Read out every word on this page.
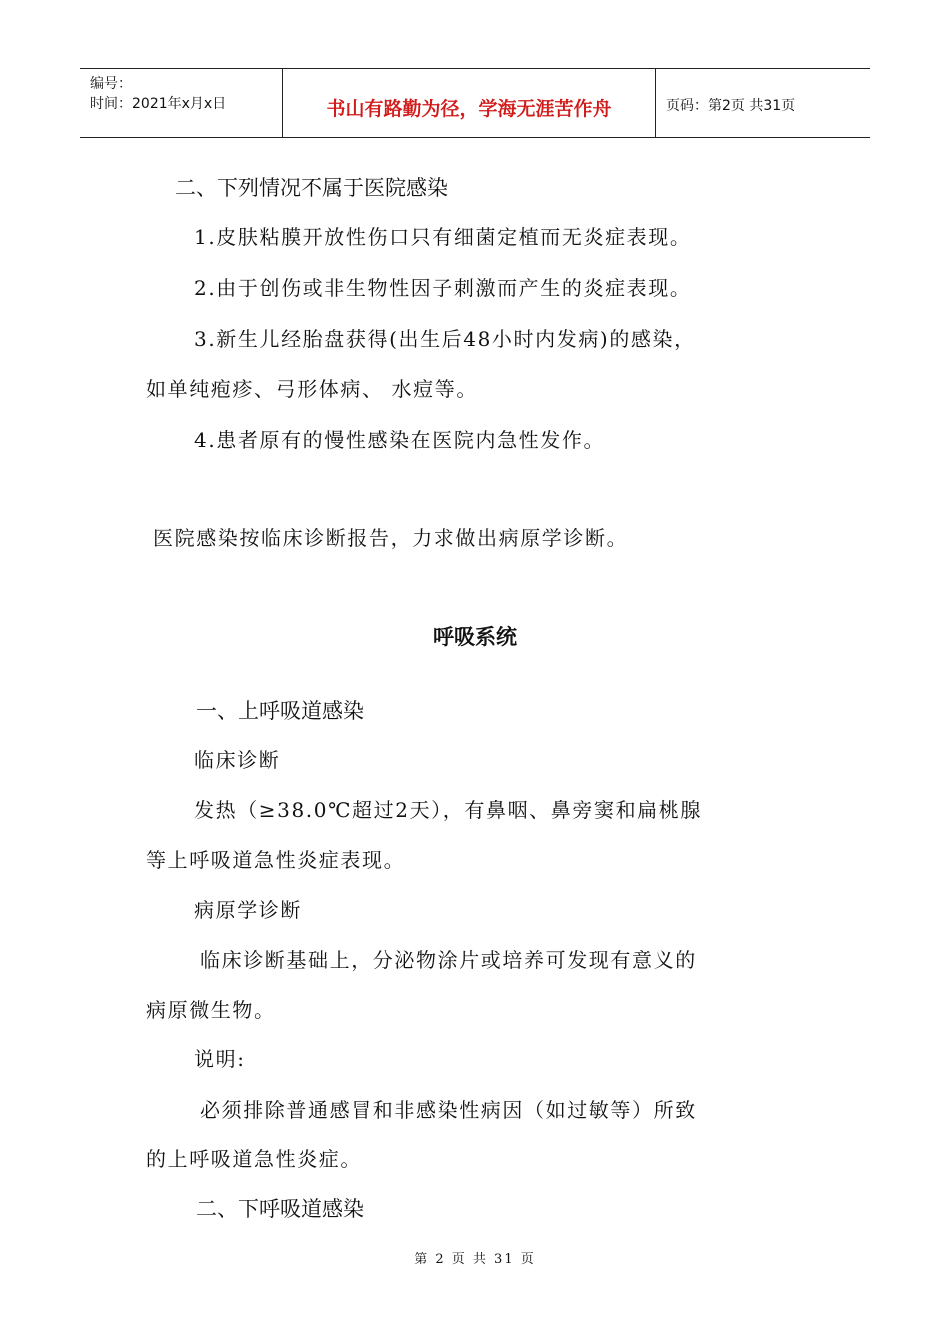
编号：
时间：2021年x月x日	书山有路勤为径，学海无涯苦作舟	页码：第2页 共31页
二、下列情况不属于医院感染
1.皮肤粘膜开放性伤口只有细菌定植而无炎症表现。
2.由于创伤或非生物性因子刺激而产生的炎症表现。
3.新生儿经胎盘获得(出生后48小时内发病)的感染，
如单纯疱疹、弓形体病、 水痘等。
4.患者原有的慢性感染在医院内急性发作。
医院感染按临床诊断报告，力求做出病原学诊断。
呼吸系统
一、上呼吸道感染
临床诊断
发热（≥38.0℃超过2天），有鼻咽、鼻旁窦和扁桃腺
等上呼吸道急性炎症表现。
病原学诊断
临床诊断基础上，分泌物涂片或培养可发现有意义的
病原微生物。
说明:
必须排除普通感冒和非感染性病因（如过敏等）所致
的上呼吸道急性炎症。
二、下呼吸道感染
第 2 页 共 31 页
